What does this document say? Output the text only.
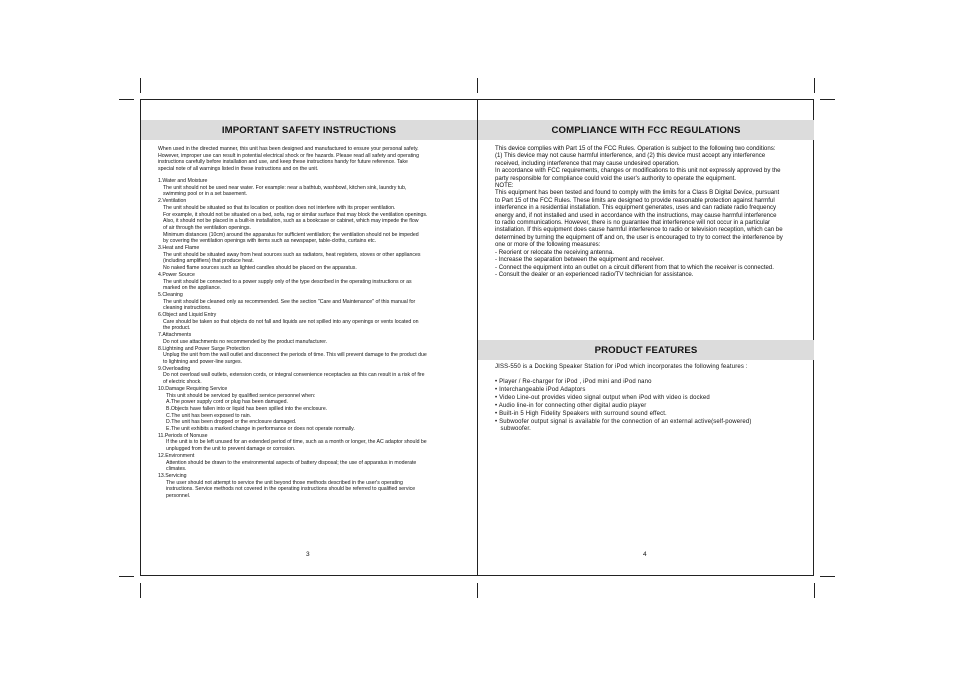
IMPORTANT SAFETY INSTRUCTIONS
When used in the directed manner, this unit has been designed and manufactured to ensure your personal safety.
However, improper use can result in potential electrical shock or fire hazards. Please read all safety and operating
instructions carefully before installation and use, and keep these instructions handy for future reference. Take
special note of all warnings listed in these instructions and on the unit.
1.Water and Moisture
The unit should not be used near water. For example: near a bathtub, washbowl, kitchen sink, laundry tub,
swimming pool or in a set basement.
2.Ventilation
The unit should be situated so that its location or position does not interfere with its proper ventilation.
For example, it should not be situated on a bed, sofa, rug or similar surface that may block the ventilation openings.
Also, it should not be placed in a built-in installation, such as a bookcase or cabinet, which may impede the flow
of air through the ventilation openings.
Minimum distances (10cm) around the apparatus for sufficient ventilation; the ventilation should not be impeded
by covering the ventilation openings with items such as newspaper, table-cloths, curtains etc.
3.Heat and Flame
The unit should be situated away from heat sources such as radiators, heat registers, stoves or other appliances
(including amplifiers) that produce heat.
No naked flame sources such as lighted candles should be placed on the apparatus.
4.Power Source
The unit should be connected to a power supply only of the type described in the operating instructions or as
marked on the appliance.
5.Cleaning
The unit should be cleaned only as recommended. See the section "Care and Maintenance" of this manual for
cleaning instructions.
6.Object and Liquid Entry
Care should be taken so that objects do not fall and liquids are not spilled into any openings or vents located on
the product.
7.Attachments
Do not use attachments no recommended by the product manufacturer.
8.Lightning and Power Surge Protection
Unplug the unit from the wall outlet and disconnect the periods of time. This will prevent damage to the product due
to lightning and power-line surges.
9.Overloading
Do not overload wall outlets, extension cords, or integral convenience receptacles as this can result in a risk of fire
of electric shock.
10.Damage Requiring Service
This unit should be serviced by qualified service personnel when:
A.The power supply cord or plug has been damaged.
B.Objects have fallen into or liquid has been spilled into the enclosure.
C.The unit has been exposed to rain.
D.The unit has been dropped or the enclosure damaged.
E.The unit exhibits a marked change in performance or does not operate normally.
11.Periods of Nonuse
If the unit is to be left unused for an extended period of time, such as a month or longer, the AC adaptor should be
unplugged from the unit to prevent damage or corrosion.
12.Environment
Attention should be drawn to the environmental aspects of battery disposal; the use of apparatus in moderate
climates.
13.Servicing
The user should not attempt to service the unit beyond those methods described in the user's operating
instructions. Service methods not covered in the operating instructions should be referred to qualified service
personnel.
3
COMPLIANCE WITH FCC REGULATIONS
This device complies with Part 15 of the FCC Rules. Operation is subject to the following two conditions:
(1) This device may not cause harmful interference, and (2) this device must accept any interference
received, including interference that may cause undesired operation.
In accordance with FCC requirements, changes or modifications to this unit not expressly approved by the
party responsible for compliance could void the user's authority to operate the equipment.
NOTE:
This equipment has been tested and found to comply with the limits for a Class B Digital Device, pursuant
to Part 15 of the FCC Rules. These limits are designed to provide reasonable protection against harmful
interference in a residential installation. This equipment generates, uses and can radiate radio frequency
energy and, if not installed and used in accordance with the instructions, may cause harmful interference
to radio communications. However, there is no guarantee that interference will not occur in a particular
installation. If this equipment does cause harmful interference to radio or television reception, which can be
determined by turning the equipment off and on, the user is encouraged to try to correct the interference by
one or more of the following measures:
- Reorient or relocate the receiving antenna.
- Increase the separation between the equipment and receiver.
- Connect the equipment into an outlet on a circuit different from that to which the receiver is connected.
- Consult the dealer or an experienced radio/TV technician for assistance.
PRODUCT FEATURES
JISS-550 is a Docking Speaker Station for iPod which incorporates the following features :
• Player / Re-charger for iPod , iPod mini and iPod nano
• Interchangeable iPod Adaptors
• Video Line-out provides video signal output when iPod with video is docked
• Audio line-in for connecting other digital audio player
• Built-in 5 High Fidelity Speakers with surround sound effect.
• Subwoofer output signal is available for the connection of an external active(self-powered)
subwoofer.
4
